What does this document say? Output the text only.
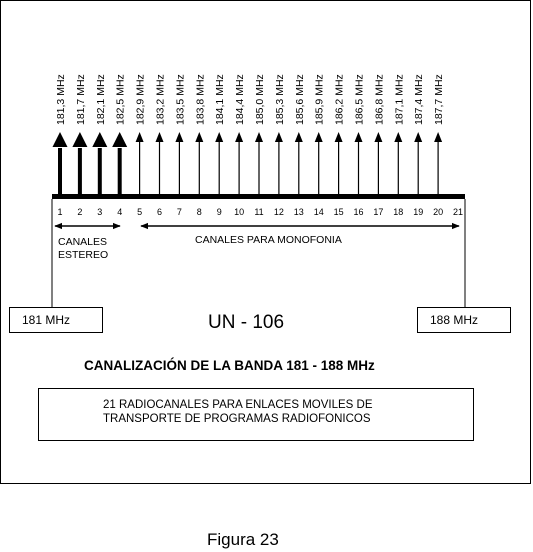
CANALES
ESTEREO
CANALES PARA MONOFONIA
181,3 MHz 181,7 MHz 182,1 MHz 182,5 MHz 182,9 MHz 183,2 MHz 183,5 MHz 183,8 MHz 184,1 MHz 184,4 MHz 185,0 MHz 185,3 MHz 185,6 MHz 185,9 MHz 186,2 MHz 186,5 MHz 186,8 MHz 187,1 MHz 187,4 MHz 187,7 MHz
1 2 3 4 5 6 7 8 9 10 11 12 13 14 15 16 17 18 19 20 21
181 MHz	188 MHz
UN - 106
CANALIZACIÓN DE LA BANDA 181 - 188 MHz
21 RADIOCANALES PARA ENLACES MOVILES DE
TRANSPORTE DE PROGRAMAS RADIOFONICOS
Figura 23
